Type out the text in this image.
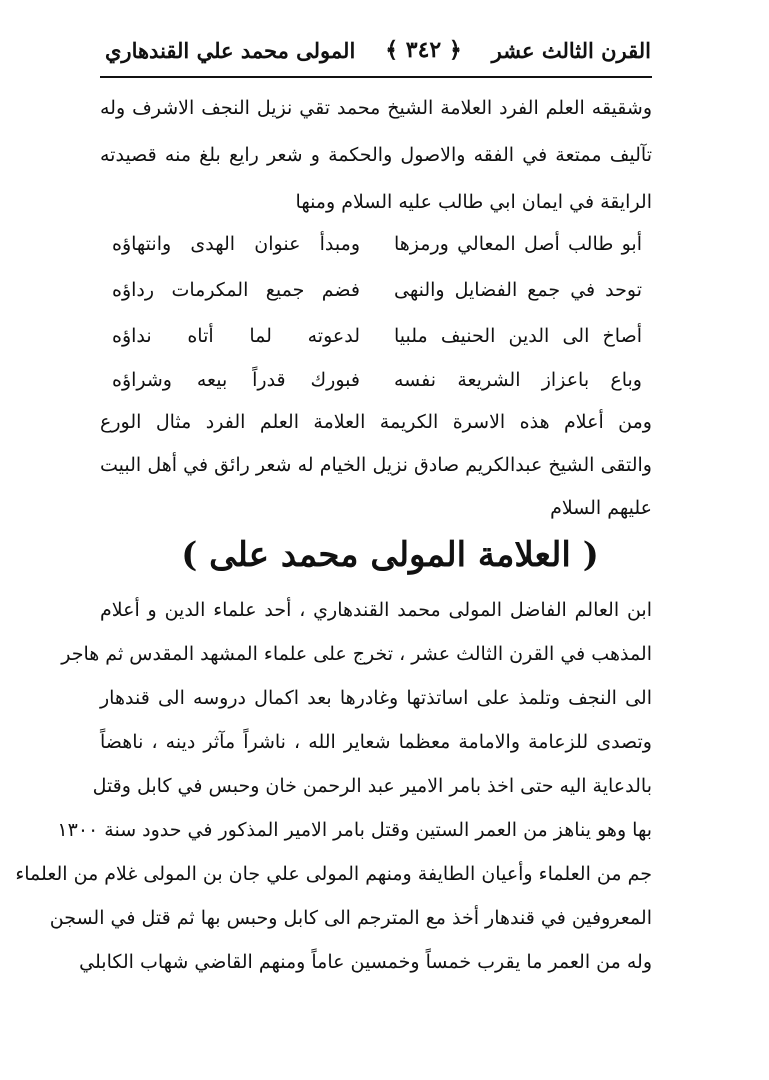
القرن الثالث عشر
﴿ ٣٤٢ ﴾
المولى محمد علي القندهاري
وشقيقه العلم الفرد العلامة الشيخ محمد تقي نزيل النجف الاشرف وله
تآليف ممتعة في الفقه والاصول والحكمة و شعر رايع بلغ منه قصيدته
الرايقة في ايمان ابي طالب عليه السلام ومنها
أبو طالب أصل المعالي ورمزها
ومبدأ عنوان الهدى وانتهاؤه
توحد في جمع الفضايل والنهى
فضم جميع المكرمات رداؤه
أصاخ الى الدين الحنيف ملبيا
لدعوته لما أتاه نداؤه
وباع باعزاز الشريعة نفسه
فبورك قدراً بيعه وشراؤه
ومن أعلام هذه الاسرة الكريمة العلامة العلم الفرد مثال الورع
والتقى الشيخ عبدالكريم صادق نزيل الخيام له شعر رائق في أهل البيت
عليهم السلام
( العلامة المولى محمد على )
ابن العالم الفاضل المولى محمد القندهاري ، أحد علماء الدين و أعلام
المذهب في القرن الثالث عشر ، تخرج على علماء المشهد المقدس ثم هاجر
الى النجف وتلمذ على اساتذتها وغادرها بعد اكمال دروسه الى قندهار
وتصدى للزعامة والامامة معظما شعاير الله ، ناشراً مآثر دينه ، ناهضاً
بالدعاية اليه حتى اخذ بامر الامير عبد الرحمن خان وحبس في كابل وقتل
بها وهو يناهز من العمر الستين وقتل بامر الامير المذكور في حدود سنة ١٣٠٠
جم من العلماء وأعيان الطايفة ومنهم المولى علي جان بن المولى غلام من العلماء
المعروفين في قندهار أخذ مع المترجم الى كابل وحبس بها ثم قتل في السجن
وله من العمر ما يقرب خمساً وخمسين عاماً ومنهم القاضي شهاب الكابلي
